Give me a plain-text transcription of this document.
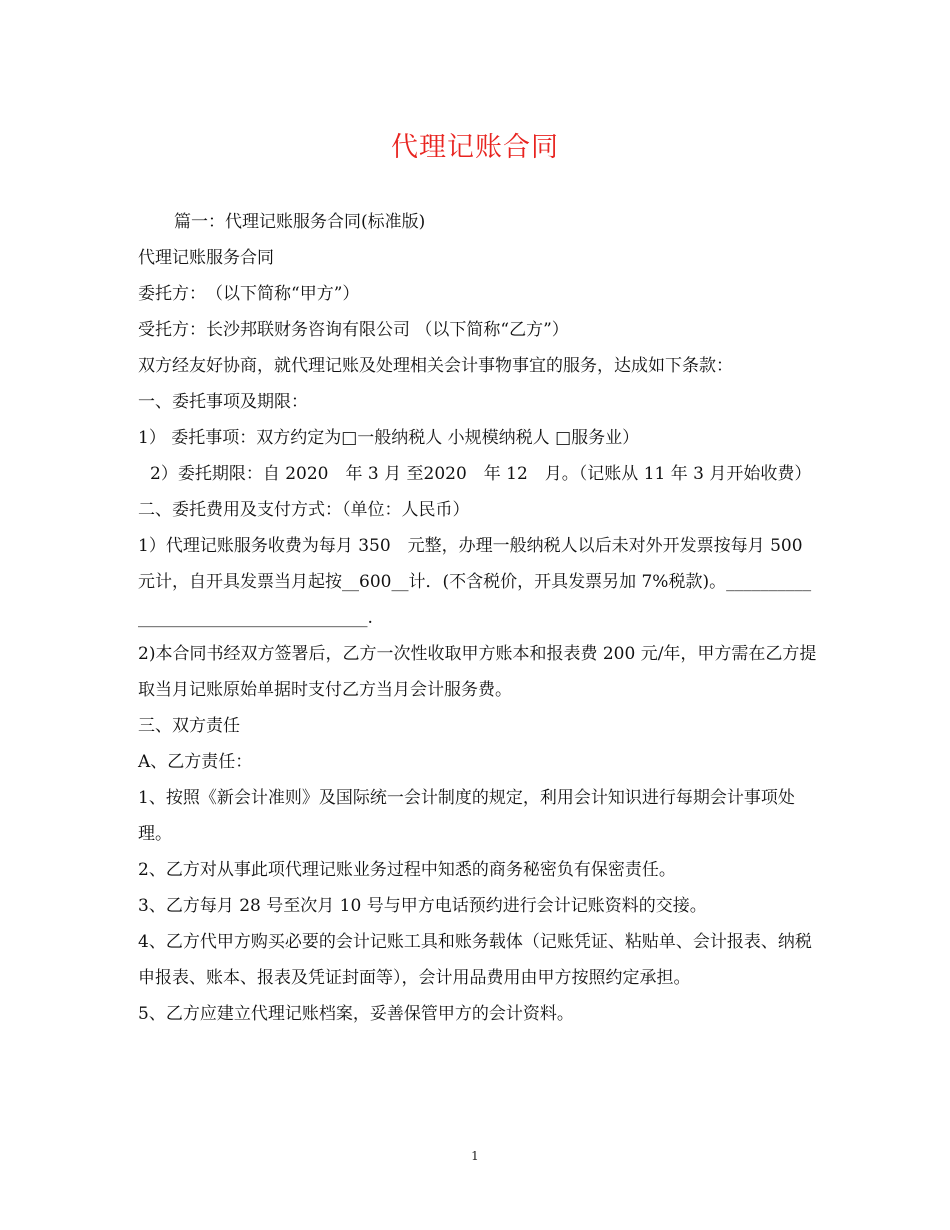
代理记账合同

篇一：代理记账服务合同(标准版)

代理记账服务合同

委托方：　（以下简称“甲方”）

受托方：长沙邦联财务咨询有限公司 （以下简称“乙方”）

双方经友好协商，就代理记账及处理相关会计事物事宜的服务，达成如下条款：

一、委托事项及期限：

1） 委托事项：双方约定为□一般纳税人 小规模纳税人 □服务业）

2）委托期限：自 2020　年 3 月 至2020　年 12　月。（记账从 11 年 3 月开始收费）

二、委托费用及支付方式：（单位：人民币）

1）代理记账服务收费为每月 350　元整，办理一般纳税人以后未对外开发票按每月 500 元计，自开具发票当月起按__600__计．(不含税价，开具发票另加 7%税款)。_____________________________________.

2)本合同书经双方签署后，乙方一次性收取甲方账本和报表费 200 元/年，甲方需在乙方提取当月记账原始单据时支付乙方当月会计服务费。

三、双方责任

A、乙方责任：

1、按照《新会计准则》及国际统一会计制度的规定，利用会计知识进行每期会计事项处理。

2、乙方对从事此项代理记账业务过程中知悉的商务秘密负有保密责任。

3、乙方每月 28 号至次月 10 号与甲方电话预约进行会计记账资料的交接。

4、乙方代甲方购买必要的会计记账工具和账务载体（记账凭证、粘贴单、会计报表、纳税申报表、账本、报表及凭证封面等），会计用品费用由甲方按照约定承担。

5、乙方应建立代理记账档案，妥善保管甲方的会计资料。

1
